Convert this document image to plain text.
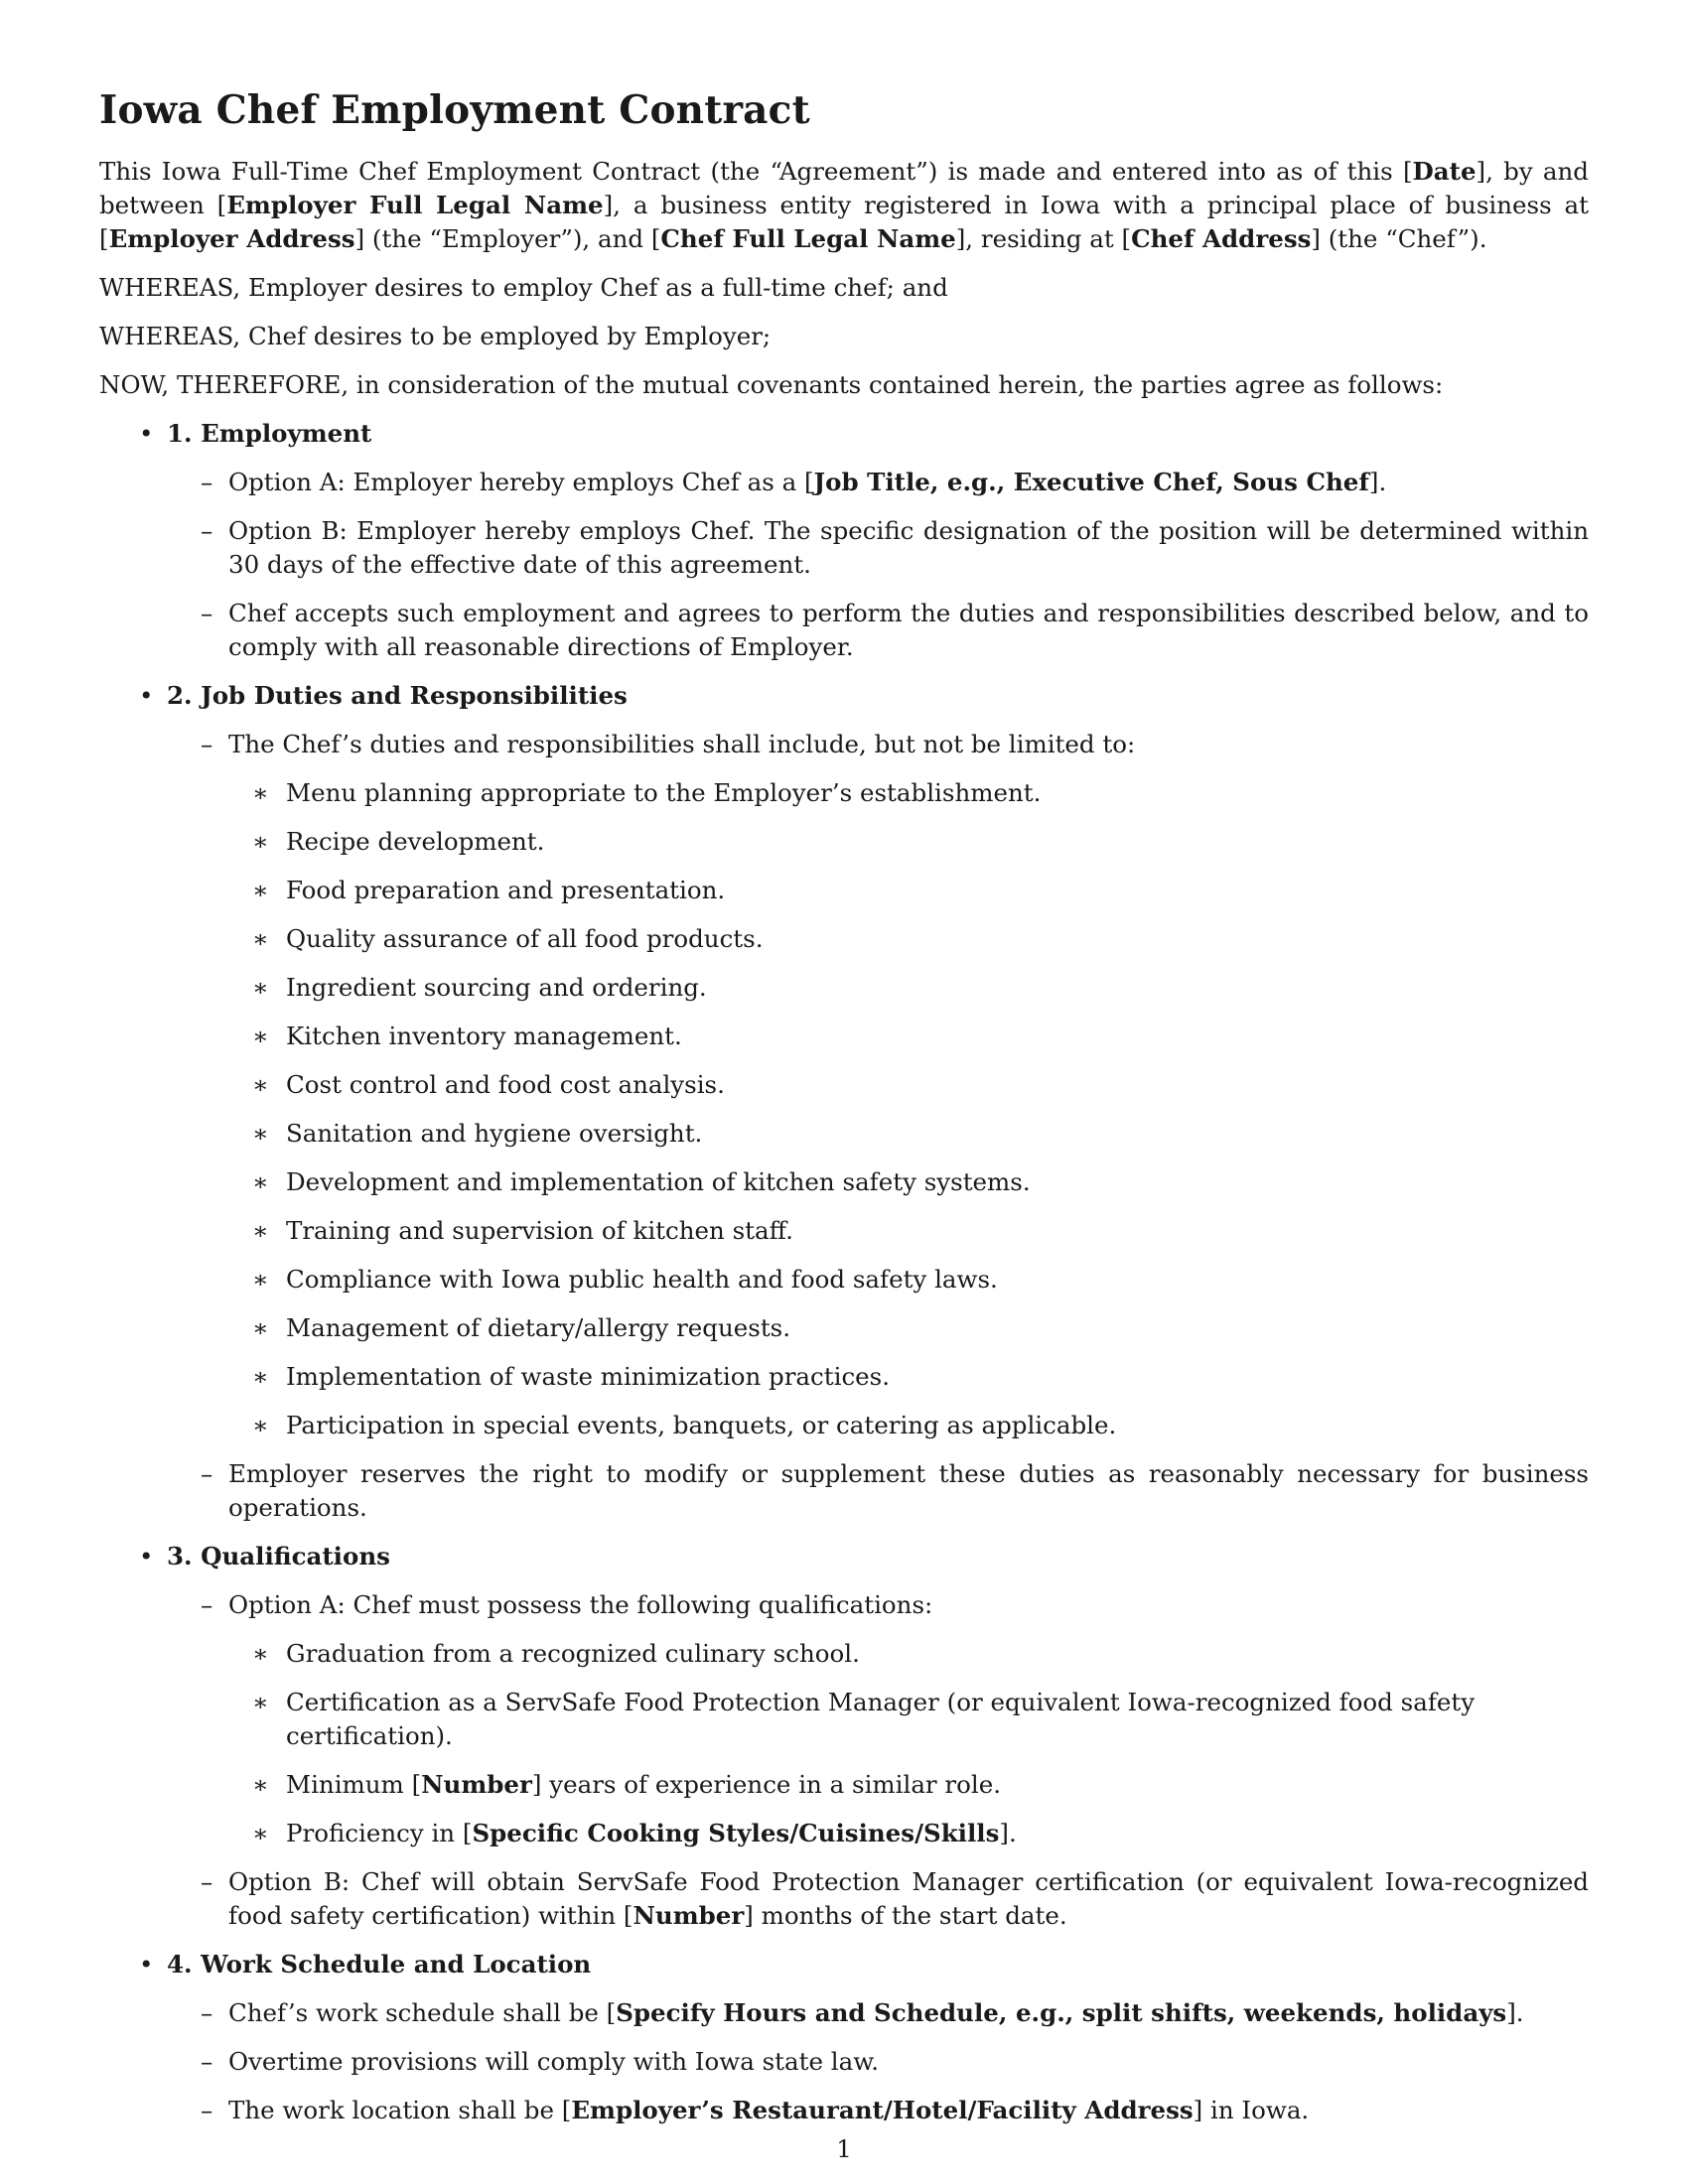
Iowa Chef Employment Contract

This Iowa Full-Time Chef Employment Contract (the “Agreement”) is made and entered into as of this [Date], by and between [Employer Full Legal Name], a business entity registered in Iowa with a principal place of business at [Employer Address] (the “Employer”), and [Chef Full Legal Name], residing at [Chef Address] (the “Chef”).

WHEREAS, Employer desires to employ Chef as a full-time chef; and

WHEREAS, Chef desires to be employed by Employer;

NOW, THEREFORE, in consideration of the mutual covenants contained herein, the parties agree as follows:

• 1. Employment
– Option A: Employer hereby employs Chef as a [Job Title, e.g., Executive Chef, Sous Chef].
– Option B: Employer hereby employs Chef. The specific designation of the position will be determined within 30 days of the effective date of this agreement.
– Chef accepts such employment and agrees to perform the duties and responsibilities described below, and to comply with all reasonable directions of Employer.
• 2. Job Duties and Responsibilities
– The Chef’s duties and responsibilities shall include, but not be limited to:
∗ Menu planning appropriate to the Employer’s establishment.
∗ Recipe development.
∗ Food preparation and presentation.
∗ Quality assurance of all food products.
∗ Ingredient sourcing and ordering.
∗ Kitchen inventory management.
∗ Cost control and food cost analysis.
∗ Sanitation and hygiene oversight.
∗ Development and implementation of kitchen safety systems.
∗ Training and supervision of kitchen staff.
∗ Compliance with Iowa public health and food safety laws.
∗ Management of dietary/allergy requests.
∗ Implementation of waste minimization practices.
∗ Participation in special events, banquets, or catering as applicable.
– Employer reserves the right to modify or supplement these duties as reasonably necessary for business operations.
• 3. Qualifications
– Option A: Chef must possess the following qualifications:
∗ Graduation from a recognized culinary school.
∗ Certification as a ServSafe Food Protection Manager (or equivalent Iowa-recognized food safety certification).
∗ Minimum [Number] years of experience in a similar role.
∗ Proficiency in [Specific Cooking Styles/Cuisines/Skills].
– Option B: Chef will obtain ServSafe Food Protection Manager certification (or equivalent Iowa-recognized food safety certification) within [Number] months of the start date.
• 4. Work Schedule and Location
– Chef’s work schedule shall be [Specify Hours and Schedule, e.g., split shifts, weekends, holidays].
– Overtime provisions will comply with Iowa state law.
– The work location shall be [Employer’s Restaurant/Hotel/Facility Address] in Iowa.
1
